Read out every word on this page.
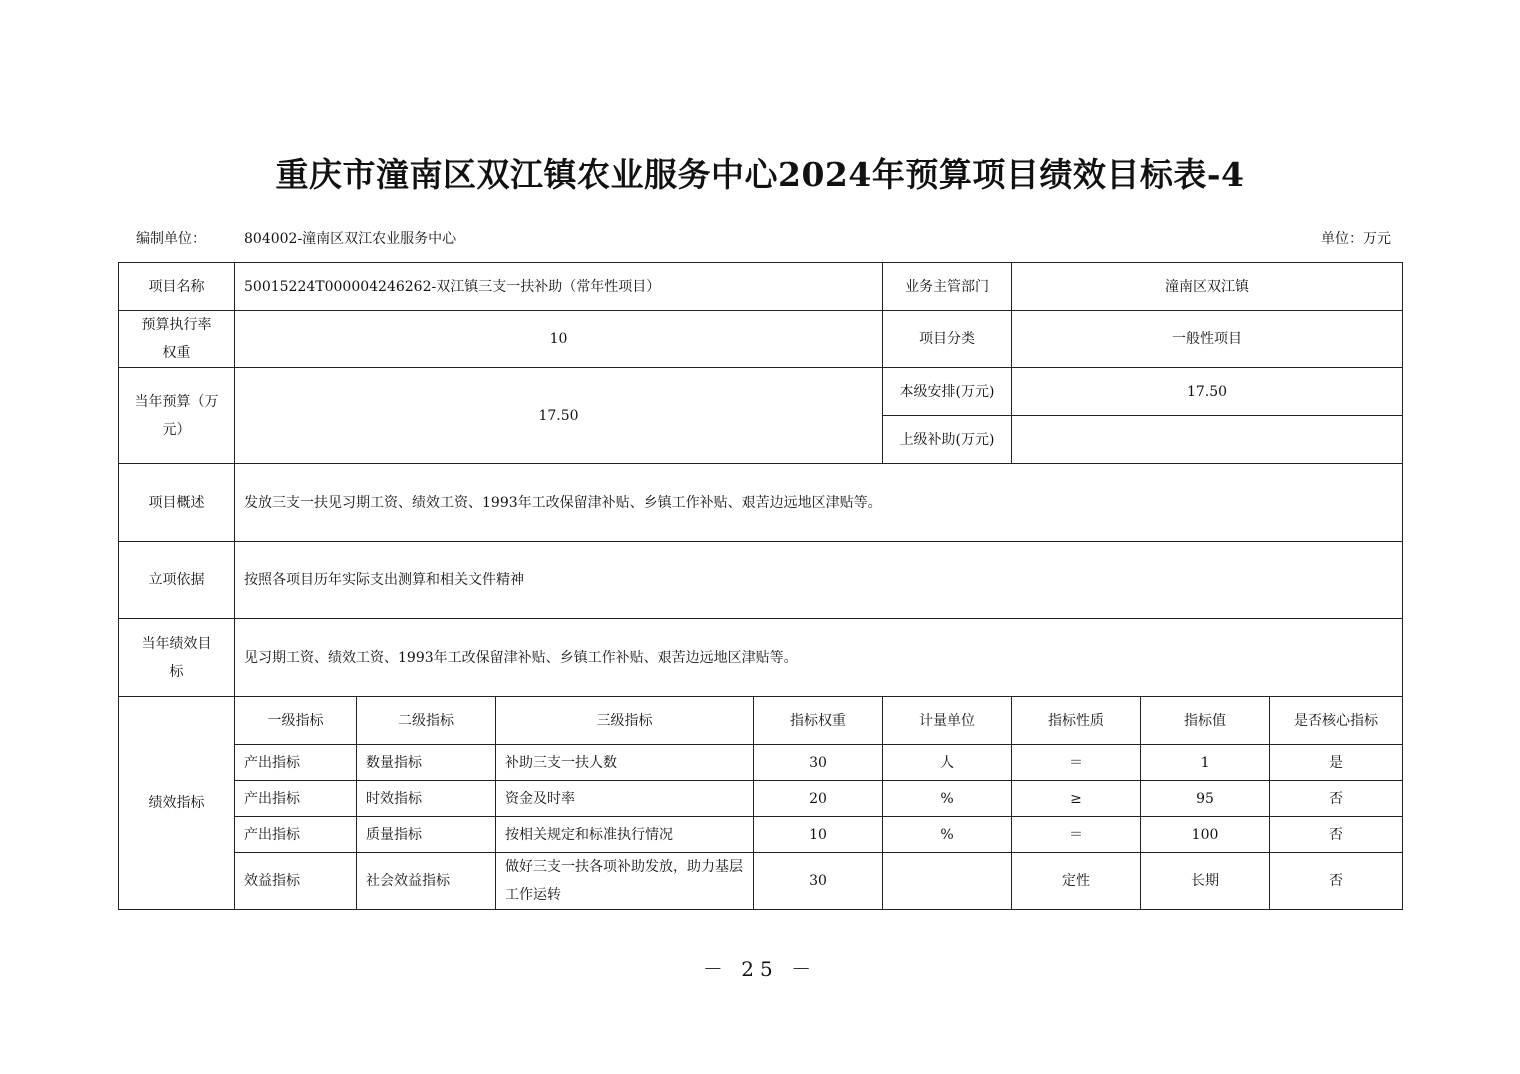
重庆市潼南区双江镇农业服务中心2024年预算项目绩效目标表-4
编制单位：	804002-潼南区双江农业服务中心	单位：万元
项目名称	50015224T000004246262-双江镇三支一扶补助（常年性项目）				业务主管部门	潼南区双江镇		

预算执行率
权重	10				项目分类	一般性项目		

当年预算（万
元）	17.50				本级安排(万元)	17.50		
					上级补助(万元)			
项目概述	发放三支一扶见习期工资、绩效工资、1993年工改保留津补贴、乡镇工作补贴、艰苦边远地区津贴等。							
立项依据	按照各项目历年实际支出测算和相关文件精神							

当年绩效目
标	见习期工资、绩效工资、1993年工改保留津补贴、乡镇工作补贴、艰苦边远地区津贴等。							
绩效指标	一级指标	二级指标	三级指标	指标权重	计量单位	指标性质	指标值	是否核心指标
	产出指标	数量指标	补助三支一扶人数	30	人	＝	1	是
	产出指标	时效指标	资金及时率	20	%	≥	95	否
	产出指标	质量指标	按相关规定和标准执行情况	10	%	＝	100	否
	效益指标	社会效益指标	做好三支一扶各项补助发放，助力基层工作运转	30		定性	长期	否
－ 25 －
